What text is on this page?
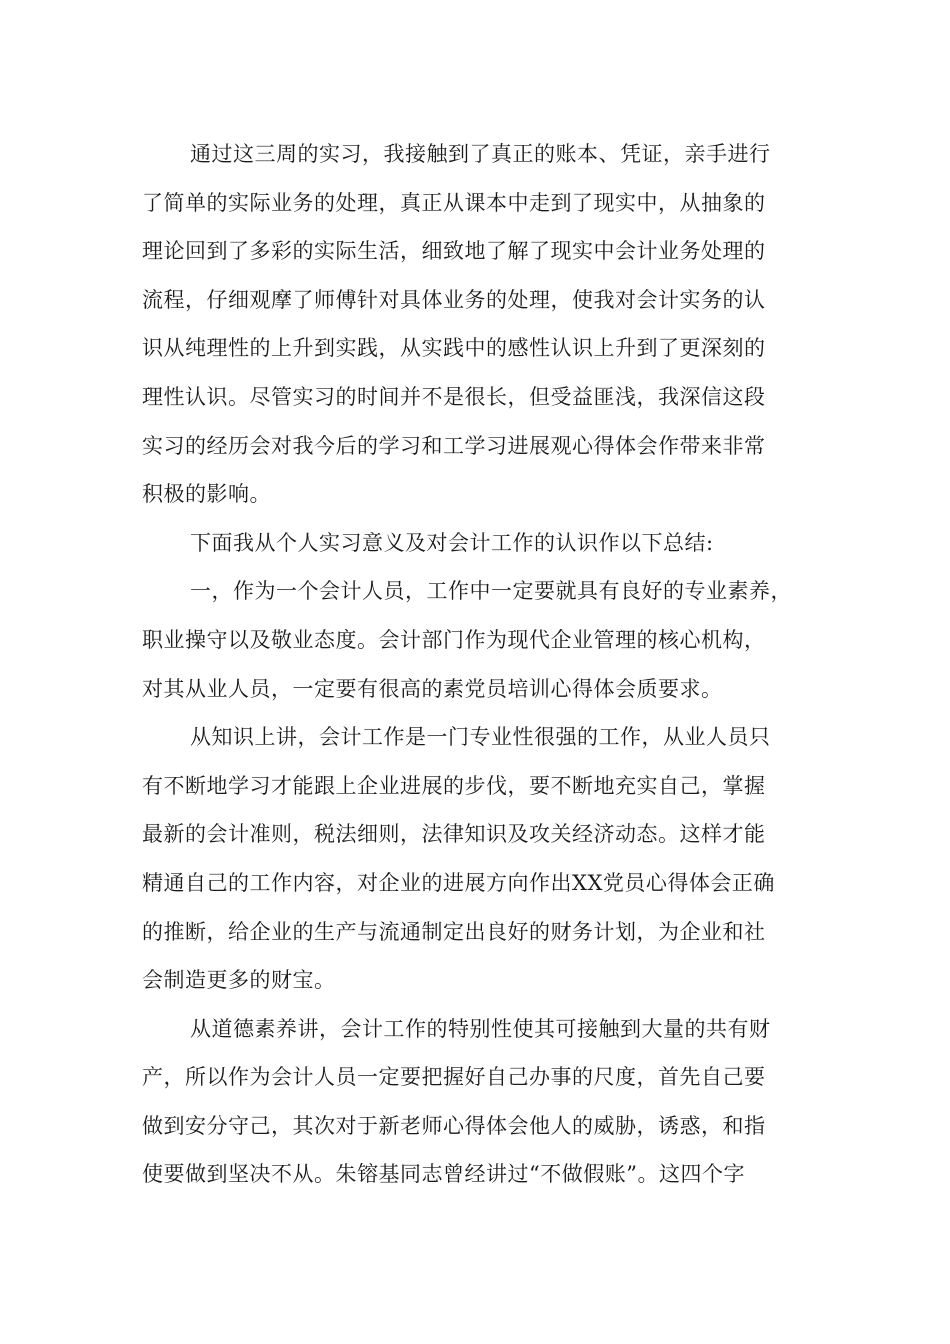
通过这三周的实习，我接触到了真正的账本、凭证，亲手进行
了简单的实际业务的处理，真正从课本中走到了现实中，从抽象的
理论回到了多彩的实际生活，细致地了解了现实中会计业务处理的
流程，仔细观摩了师傅针对具体业务的处理，使我对会计实务的认
识从纯理性的上升到实践，从实践中的感性认识上升到了更深刻的
理性认识。尽管实习的时间并不是很长，但受益匪浅，我深信这段
实习的经历会对我今后的学习和工学习进展观心得体会作带来非常
积极的影响。
下面我从个人实习意义及对会计工作的认识作以下总结:
一，作为一个会计人员，工作中一定要就具有良好的专业素养，
职业操守以及敬业态度。会计部门作为现代企业管理的核心机构，
对其从业人员，一定要有很高的素党员培训心得体会质要求。
从知识上讲，会计工作是一门专业性很强的工作，从业人员只
有不断地学习才能跟上企业进展的步伐，要不断地充实自己，掌握
最新的会计准则，税法细则，法律知识及攻关经济动态。这样才能
精通自己的工作内容，对企业的进展方向作出XX党员心得体会正确
的推断，给企业的生产与流通制定出良好的财务计划，为企业和社
会制造更多的财宝。
从道德素养讲，会计工作的特别性使其可接触到大量的共有财
产，所以作为会计人员一定要把握好自己办事的尺度，首先自己要
做到安分守己，其次对于新老师心得体会他人的威胁，诱惑，和指
使要做到坚决不从。朱镕基同志曾经讲过“不做假账”。这四个字
